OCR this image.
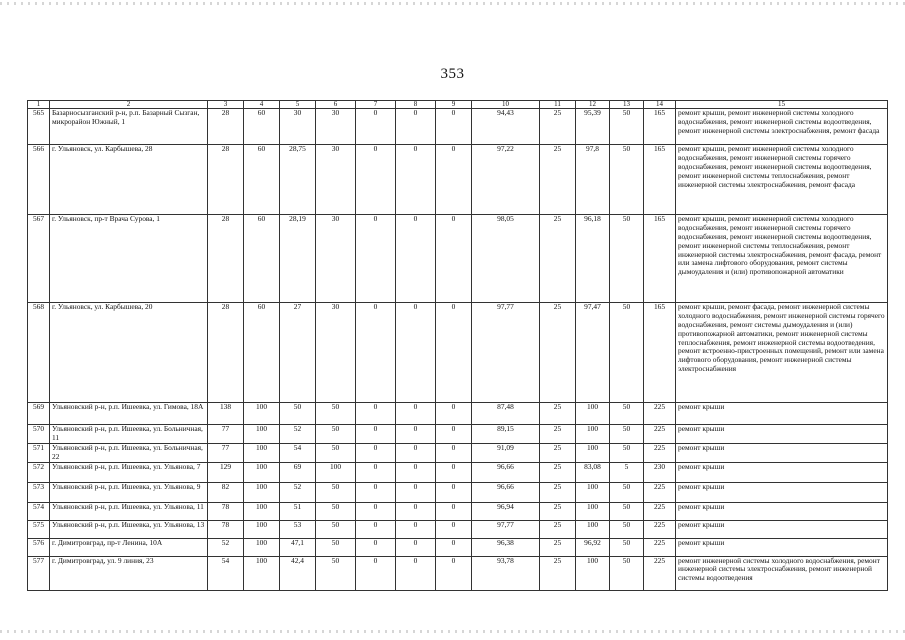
353
1	2	3	4	5	6	7	8	9	10	11	12	13	14	15
565	Базарносызганский р-н, р.п. Базарный Сызган, микрорайон Южный, 1	28	60	30	30	0	0	0	94,43	25	95,39	50	165	ремонт крыши, ремонт инженерной системы холодного водоснабжения, ремонт инженерной системы водоотведения, ремонт инженерной системы электроснабжения, ремонт фасада
566	г. Ульяновск, ул. Карбышева, 28	28	60	28,75	30	0	0	0	97,22	25	97,8	50	165	ремонт крыши, ремонт инженерной системы холодного водоснабжения, ремонт инженерной системы горячего водоснабжения, ремонт инженерной системы водоотведения, ремонт инженерной системы теплоснабжения, ремонт инженерной системы электроснабжения, ремонт фасада
567	г. Ульяновск, пр-т Врача Сурова, 1	28	60	28,19	30	0	0	0	98,05	25	96,18	50	165	ремонт крыши, ремонт инженерной системы холодного водоснабжения, ремонт инженерной системы горячего водоснабжения, ремонт инженерной системы водоотведения, ремонт инженерной системы теплоснабжения, ремонт инженерной системы электроснабжения, ремонт фасада, ремонт или замена лифтового оборудования, ремонт системы дымоудаления и (или) противопожарной автоматики
568	г. Ульяновск, ул. Карбышева, 20	28	60	27	30	0	0	0	97,77	25	97,47	50	165	ремонт крыши, ремонт фасада, ремонт инженерной системы холодного водоснабжения, ремонт инженерной системы горячего водоснабжения, ремонт системы дымоудаления и (или) противопожарной автоматики, ремонт инженерной системы теплоснабжения, ремонт инженерной системы водоотведения, ремонт встроенно-пристроенных помещений, ремонт или замена лифтового оборудования, ремонт инженерной системы электроснабжения
569	Ульяновский р-н, р.п. Ишеевка, ул. Гимова, 18А	138	100	50	50	0	0	0	87,48	25	100	50	225	ремонт крыши
570	Ульяновский р-н, р.п. Ишеевка, ул. Больничная, 11	77	100	52	50	0	0	0	89,15	25	100	50	225	ремонт крыши
571	Ульяновский р-н, р.п. Ишеевка, ул. Больничная, 22	77	100	54	50	0	0	0	91,09	25	100	50	225	ремонт крыши
572	Ульяновский р-н, р.п. Ишеевка, ул. Ульянова, 7	129	100	69	100	0	0	0	96,66	25	83,08	5	230	ремонт крыши
573	Ульяновский р-н, р.п. Ишеевка, ул. Ульянова, 9	82	100	52	50	0	0	0	96,66	25	100	50	225	ремонт крыши
574	Ульяновский р-н, р.п. Ишеевка, ул. Ульянова, 11	78	100	51	50	0	0	0	96,94	25	100	50	225	ремонт крыши
575	Ульяновский р-н, р.п. Ишеевка, ул. Ульянова, 13	78	100	53	50	0	0	0	97,77	25	100	50	225	ремонт крыши
576	г. Димитровград, пр-т Ленина, 10А	52	100	47,1	50	0	0	0	96,38	25	96,92	50	225	ремонт крыши
577	г. Димитровград, ул. 9 линия, 23	54	100	42,4	50	0	0	0	93,78	25	100	50	225	ремонт инженерной системы холодного водоснабжения, ремонт инженерной системы электроснабжения, ремонт инженерной системы водоотведения
